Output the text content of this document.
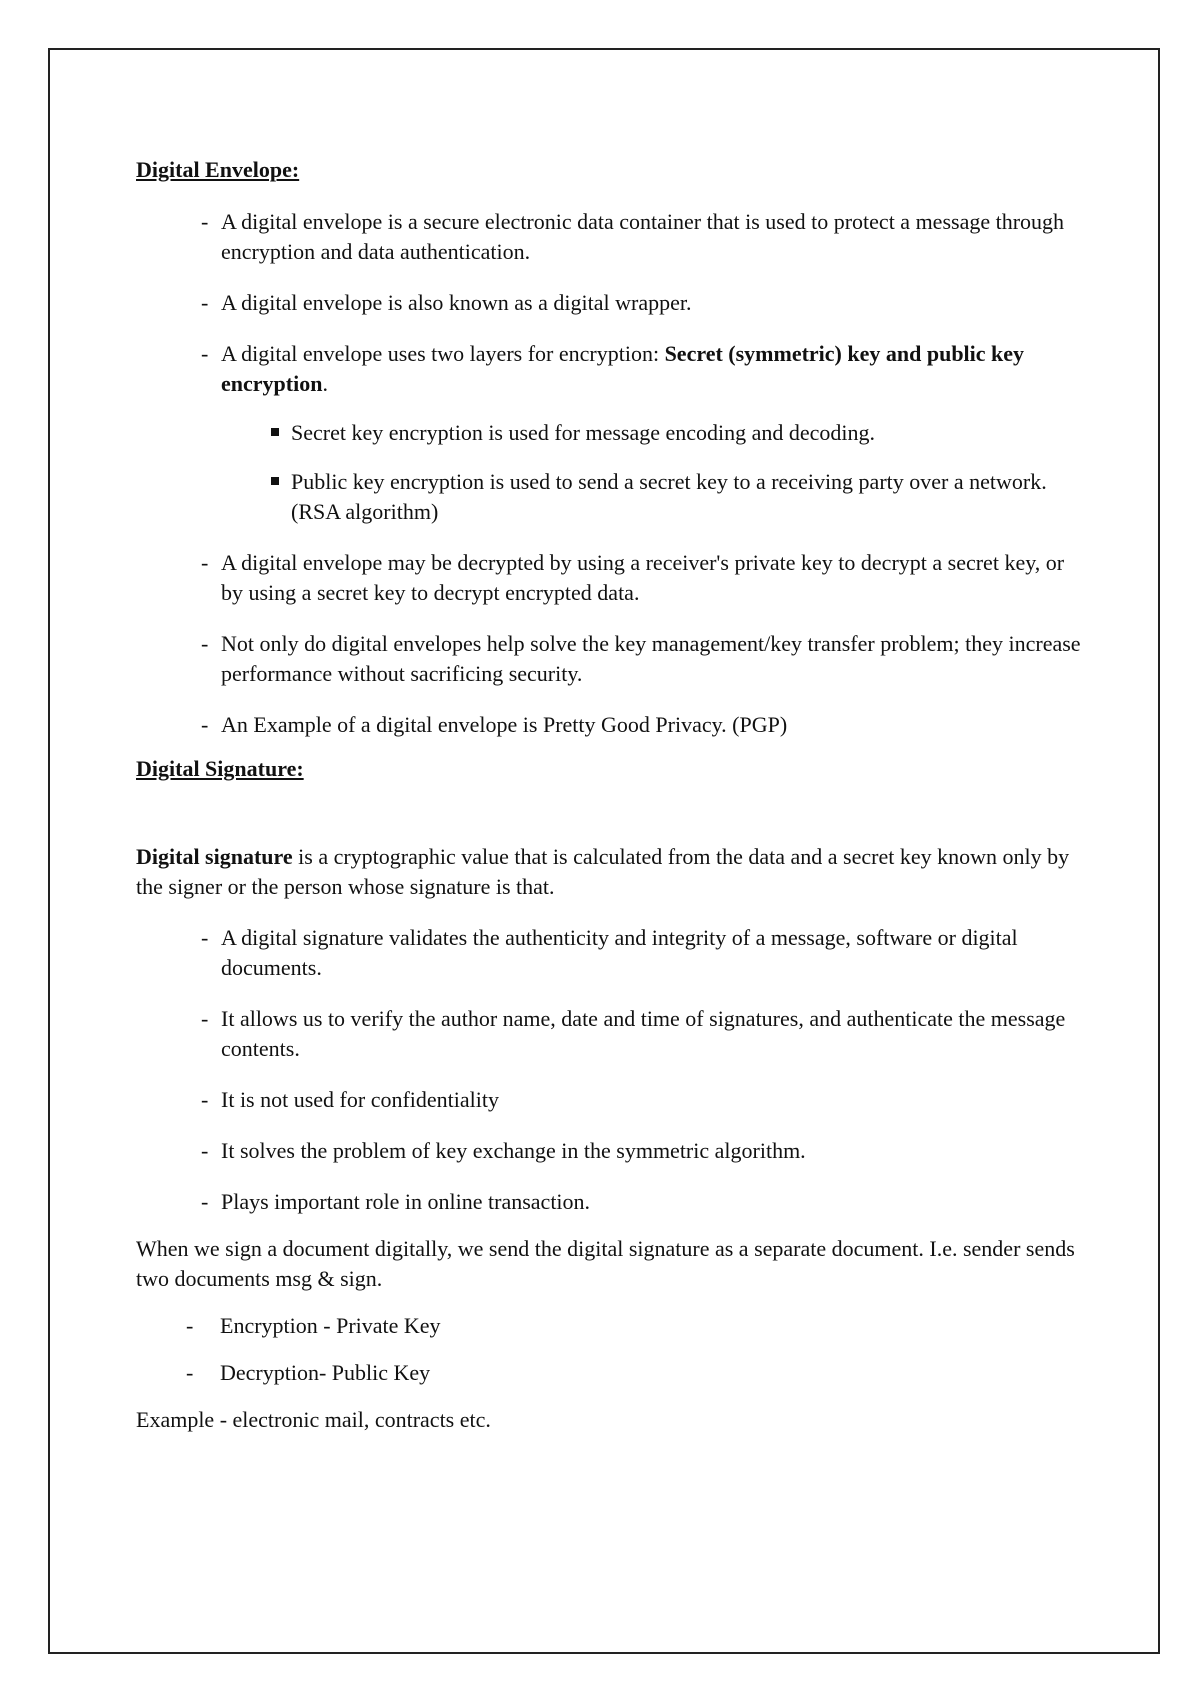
Digital Envelope:

- A digital envelope is a secure electronic data container that is used to protect a message through encryption and data authentication.
- A digital envelope is also known as a digital wrapper.
- A digital envelope uses two layers for encryption: Secret (symmetric) key and public key encryption.
Secret key encryption is used for message encoding and decoding.
Public key encryption is used to send a secret key to a receiving party over a network. (RSA algorithm)
- A digital envelope may be decrypted by using a receiver's private key to decrypt a secret key, or by using a secret key to decrypt encrypted data.
- Not only do digital envelopes help solve the key management/key transfer problem; they increase performance without sacrificing security.
- An Example of a digital envelope is Pretty Good Privacy. (PGP)

Digital Signature:

Digital signature is a cryptographic value that is calculated from the data and a secret key known only by the signer or the person whose signature is that.

- A digital signature validates the authenticity and integrity of a message, software or digital documents.
- It allows us to verify the author name, date and time of signatures, and authenticate the message contents.
- It is not used for confidentiality
- It solves the problem of key exchange in the symmetric algorithm.
- Plays important role in online transaction.

When we sign a document digitally, we send the digital signature as a separate document. I.e. sender sends two documents msg & sign.

- Encryption - Private Key
- Decryption- Public Key

Example - electronic mail, contracts etc.
